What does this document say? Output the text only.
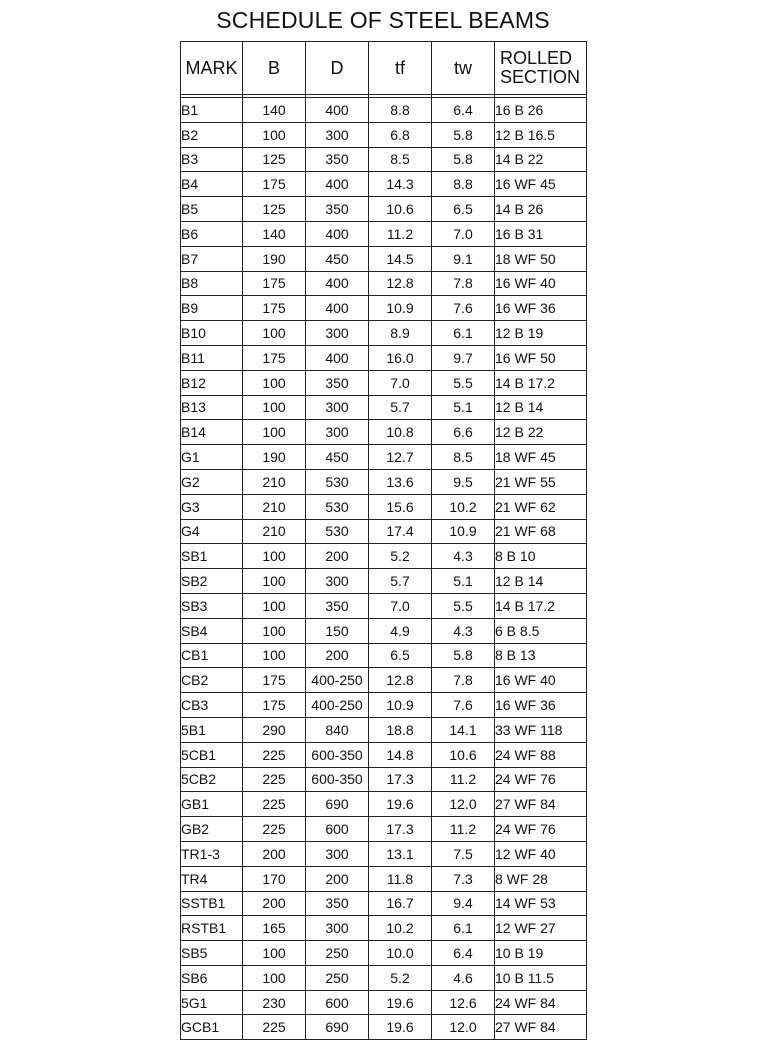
SCHEDULE OF STEEL BEAMS
MARK	B	D	tf	tw	ROLLED
SECTION

B1	140	400	8.8	6.4	16 B 26
B2	100	300	6.8	5.8	12 B 16.5
B3	125	350	8.5	5.8	14 B 22
B4	175	400	14.3	8.8	16 WF 45
B5	125	350	10.6	6.5	14 B 26
B6	140	400	11.2	7.0	16 B 31
B7	190	450	14.5	9.1	18 WF 50
B8	175	400	12.8	7.8	16 WF 40
B9	175	400	10.9	7.6	16 WF 36
B10	100	300	8.9	6.1	12 B 19
B11	175	400	16.0	9.7	16 WF 50
B12	100	350	7.0	5.5	14 B 17.2
B13	100	300	5.7	5.1	12 B 14
B14	100	300	10.8	6.6	12 B 22
G1	190	450	12.7	8.5	18 WF 45
G2	210	530	13.6	9.5	21 WF 55
G3	210	530	15.6	10.2	21 WF 62
G4	210	530	17.4	10.9	21 WF 68
SB1	100	200	5.2	4.3	8 B 10
SB2	100	300	5.7	5.1	12 B 14
SB3	100	350	7.0	5.5	14 B 17.2
SB4	100	150	4.9	4.3	6 B 8.5
CB1	100	200	6.5	5.8	8 B 13
CB2	175	400-250	12.8	7.8	16 WF 40
CB3	175	400-250	10.9	7.6	16 WF 36
5B1	290	840	18.8	14.1	33 WF 118
5CB1	225	600-350	14.8	10.6	24 WF 88
5CB2	225	600-350	17.3	11.2	24 WF 76
GB1	225	690	19.6	12.0	27 WF 84
GB2	225	600	17.3	11.2	24 WF 76
TR1-3	200	300	13.1	7.5	12 WF 40
TR4	170	200	11.8	7.3	8 WF 28
SSTB1	200	350	16.7	9.4	14 WF 53
RSTB1	165	300	10.2	6.1	12 WF 27
SB5	100	250	10.0	6.4	10 B 19
SB6	100	250	5.2	4.6	10 B 11.5
5G1	230	600	19.6	12.6	24 WF 84
GCB1	225	690	19.6	12.0	27 WF 84
